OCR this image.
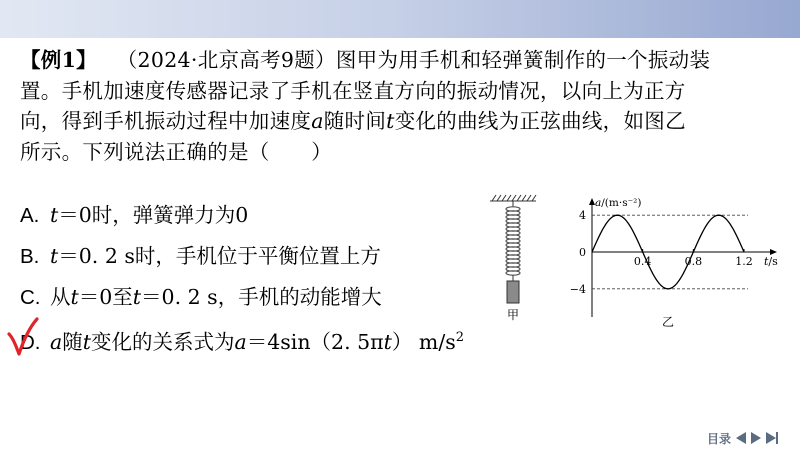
【例1】 （2024·北京高考9题）图甲为用手机和轻弹簧制作的一个振动装

置。手机加速度传感器记录了手机在竖直方向的振动情况，以向上为正方

向，得到手机振动过程中加速度a随时间t变化的曲线为正弦曲线，如图乙

所示。下列说法正确的是（　　）

A. t＝0时，弹簧弹力为0
B. t＝0. 2 s时，手机位于平衡位置上方
C. 从t＝0至t＝0. 2 s，手机的动能增大
D. a随t变化的关系式为a＝4sin（2. 5πt） $m/s^2$
甲
0.4	0.8	1.2
4
−4
0
a/(m·s⁻²)
t/s
乙
目录
